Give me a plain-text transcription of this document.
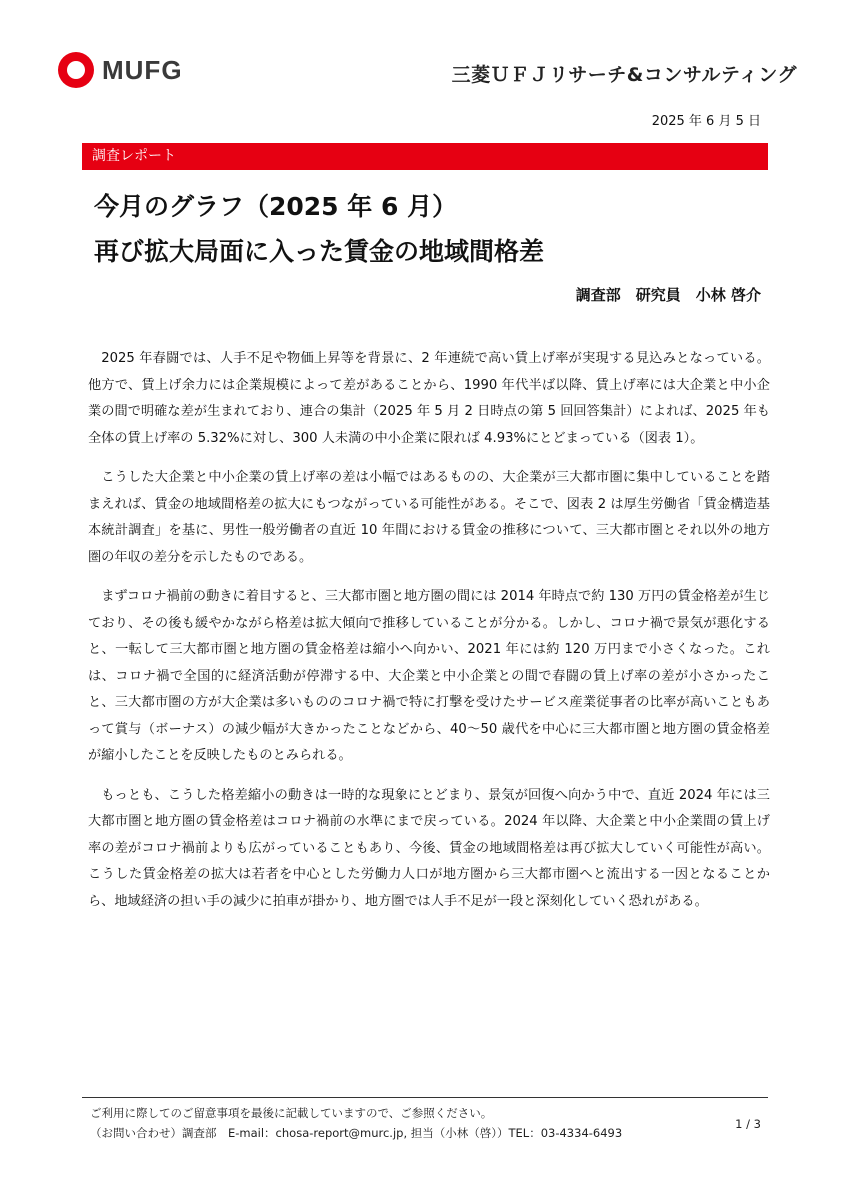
MUFG	三菱ＵＦＪリサーチ&コンサルティング
2025 年 6 月 5 日
調査レポート
今月のグラフ（2025 年 6 月）
再び拡大局面に入った賃金の地域間格差
調査部　研究員　小林 啓介

2025 年春闘では、人手不足や物価上昇等を背景に、2 年連続で高い賃上げ率が実現する見込みとなっている。他方で、賃上げ余力には企業規模によって差があることから、1990 年代半ば以降、賃上げ率には大企業と中小企業の間で明確な差が生まれており、連合の集計（2025 年 5 月 2 日時点の第 5 回回答集計）によれば、2025 年も全体の賃上げ率の 5.32%に対し、300 人未満の中小企業に限れば 4.93%にとどまっている（図表 1）。

こうした大企業と中小企業の賃上げ率の差は小幅ではあるものの、大企業が三大都市圏に集中していることを踏まえれば、賃金の地域間格差の拡大にもつながっている可能性がある。そこで、図表 2 は厚生労働省「賃金構造基本統計調査」を基に、男性一般労働者の直近 10 年間における賃金の推移について、三大都市圏とそれ以外の地方圏の年収の差分を示したものである。

まずコロナ禍前の動きに着目すると、三大都市圏と地方圏の間には 2014 年時点で約 130 万円の賃金格差が生じており、その後も緩やかながら格差は拡大傾向で推移していることが分かる。しかし、コロナ禍で景気が悪化すると、一転して三大都市圏と地方圏の賃金格差は縮小へ向かい、2021 年には約 120 万円まで小さくなった。これは、コロナ禍で全国的に経済活動が停滞する中、大企業と中小企業との間で春闘の賃上げ率の差が小さかったこと、三大都市圏の方が大企業は多いもののコロナ禍で特に打撃を受けたサービス産業従事者の比率が高いこともあって賞与（ボーナス）の減少幅が大きかったことなどから、40～50 歳代を中心に三大都市圏と地方圏の賃金格差が縮小したことを反映したものとみられる。

もっとも、こうした格差縮小の動きは一時的な現象にとどまり、景気が回復へ向かう中で、直近 2024 年には三大都市圏と地方圏の賃金格差はコロナ禍前の水準にまで戻っている。2024 年以降、大企業と中小企業間の賃上げ率の差がコロナ禍前よりも広がっていることもあり、今後、賃金の地域間格差は再び拡大していく可能性が高い。こうした賃金格差の拡大は若者を中心とした労働力人口が地方圏から三大都市圏へと流出する一因となることから、地域経済の担い手の減少に拍車が掛かり、地方圏では人手不足が一段と深刻化していく恐れがある。

ご利用に際してのご留意事項を最後に記載していますので、ご参照ください。
（お問い合わせ）調査部　E-mail：chosa-report@murc.jp, 担当（小林（啓））TEL：03-4334-6493
1 / 3
